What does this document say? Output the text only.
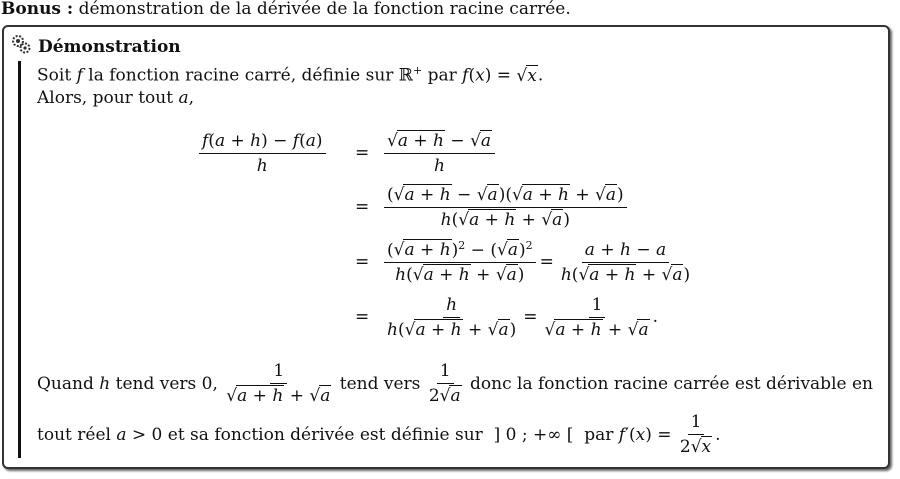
Bonus : démonstration de la dérivée de la fonction racine carrée.
Démonstration
Soit f la fonction racine carré, définie sur ℝ+ par f(x) = √x.
Alors, pour tout a,
$\frac{f(a + h) - f(a)}{h} = \frac{√a + h - √a}{h}$
= $\frac{(√a + h - √a)(√a + h + √a)}{h(√a + h + √a)}$
= $\frac{(√a + h)^2 - (√a)^2}{h(√a + h + √a)} = \frac{a + h - a}{h(√a + h + √a)}$
= $\frac{h}{h(√a + h + √a)} = \frac{1}{√a + h + √a}$ .
Quand
h
tend vers 0,
$\frac{1}{√a + h + √a}$
tend vers
$\frac{1}{2√a}$
donc la fonction racine carrée est dérivable en
tout réel
a > 0 et sa fonction dérivée est définie sur
] 0 ; +∞ [
par
f ′( x ) = $\frac{1}{2√x}$ .
